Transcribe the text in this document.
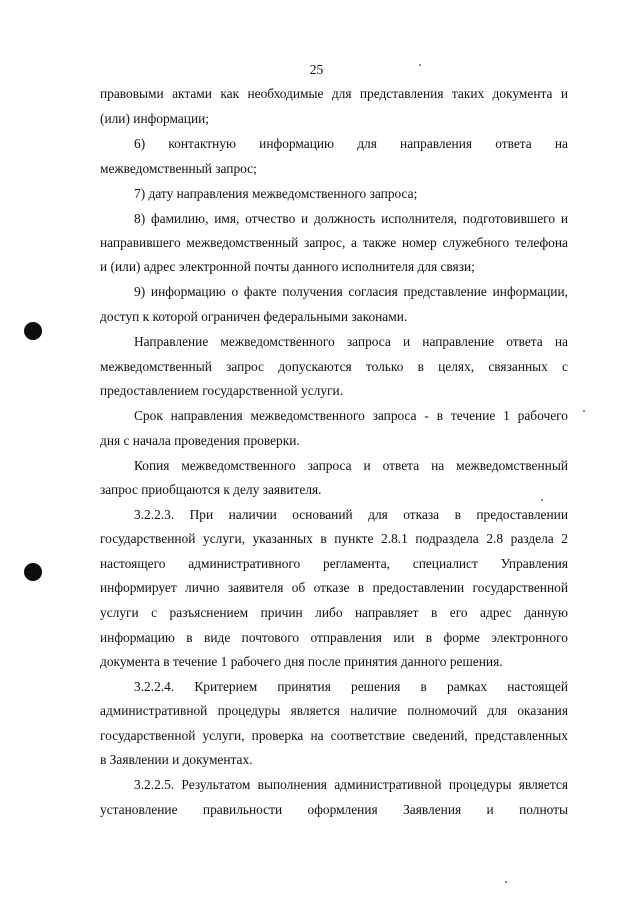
25
правовыми актами как необходимые для представления таких документа и
(или) информации;
6) контактную информацию для направления ответа на
межведомственный запрос;
7) дату направления межведомственного запроса;
8) фамилию, имя, отчество и должность исполнителя, подготовившего и
направившего межведомственный запрос, а также номер служебного телефона
и (или) адрес электронной почты данного исполнителя для связи;
9) информацию о факте получения согласия представление информации,
доступ к которой ограничен федеральными законами.
Направление межведомственного запроса и направление ответа на
межведомственный запрос допускаются только в целях, связанных с
предоставлением государственной услуги.
Срок направления межведомственного запроса - в течение 1 рабочего
дня с начала проведения проверки.
Копия межведомственного запроса и ответа на межведомственный
запрос приобщаются к делу заявителя.
3.2.2.3. При наличии оснований для отказа в предоставлении
государственной услуги, указанных в пункте 2.8.1 подраздела 2.8 раздела 2
настоящего административного регламента, специалист Управления
информирует лично заявителя об отказе в предоставлении государственной
услуги с разъяснением причин либо направляет в его адрес данную
информацию в виде почтового отправления или в форме электронного
документа в течение 1 рабочего дня после принятия данного решения.
3.2.2.4. Критерием принятия решения в рамках настоящей
административной процедуры является наличие полномочий для оказания
государственной услуги, проверка на соответствие сведений, представленных
в Заявлении и документах.
3.2.2.5. Результатом выполнения административной процедуры является
установление правильности оформления Заявления и полноты
